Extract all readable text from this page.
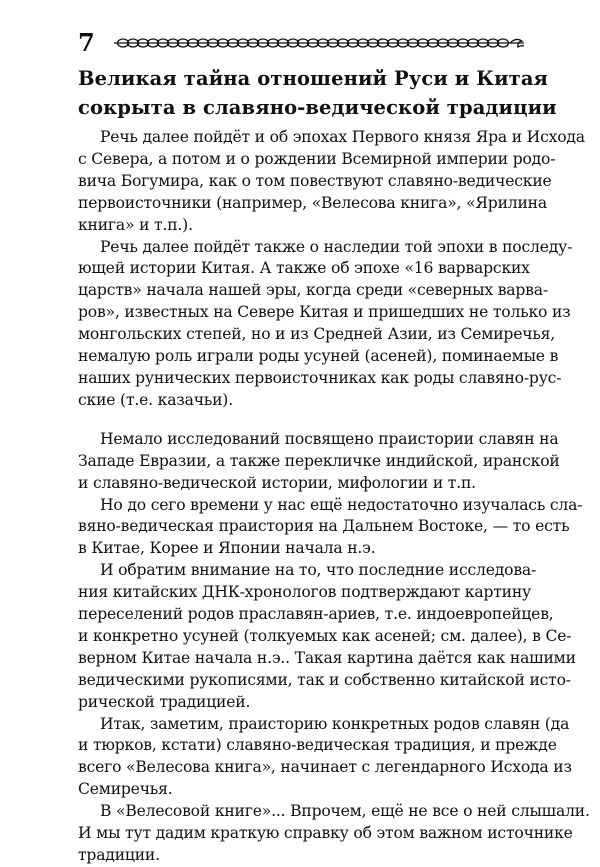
7
Великая тайна отношений Руси и Китая
сокрыта в славяно-ведической традиции

Речь далее пойдёт и об эпохах Первого князя Яра и Исхода
с Севера, а потом и о рождении Всемирной империи родо-
вича Богумира, как о том повествуют славяно-ведические
первоисточники (например, «Велесова книга», «Ярилина
книга» и т.п.).

Речь далее пойдёт также о наследии той эпохи в последу-
ющей истории Китая. А также об эпохе «16 варварских
царств» начала нашей эры, когда среди «северных варва-
ров», известных на Севере Китая и пришедших не только из
монгольских степей, но и из Средней Азии, из Семиречья,
немалую роль играли роды усуней (асеней), поминаемые в
наших рунических первоисточниках как роды славяно-рус-
ские (т.е. казачьи).

Немало исследований посвящено праистории славян на
Западе Евразии, а также перекличке индийской, иранской
и славяно-ведической истории, мифологии и т.п.

Но до сего времени у нас ещё недостаточно изучалась сла-
вяно-ведическая праистория на Дальнем Востоке, — то есть
в Китае, Корее и Японии начала н.э.

И обратим внимание на то, что последние исследова-
ния китайских ДНК-хронологов подтверждают картину
переселений родов праславян-ариев, т.е. индоевропейцев,
и конкретно усуней (толкуемых как асеней; см. далее), в Се-
верном Китае начала н.э.. Такая картина даётся как нашими
ведическими рукописями, так и собственно китайской исто-
рической традицией.

Итак, заметим, праисторию конкретных родов славян (да
и тюрков, кстати) славяно-ведическая традиция, и прежде
всего «Велесова книга», начинает с легендарного Исхода из
Семиречья.

В «Велесовой книге»... Впрочем, ещё не все о ней слышали.
И мы тут дадим краткую справку об этом важном источнике
традиции.
